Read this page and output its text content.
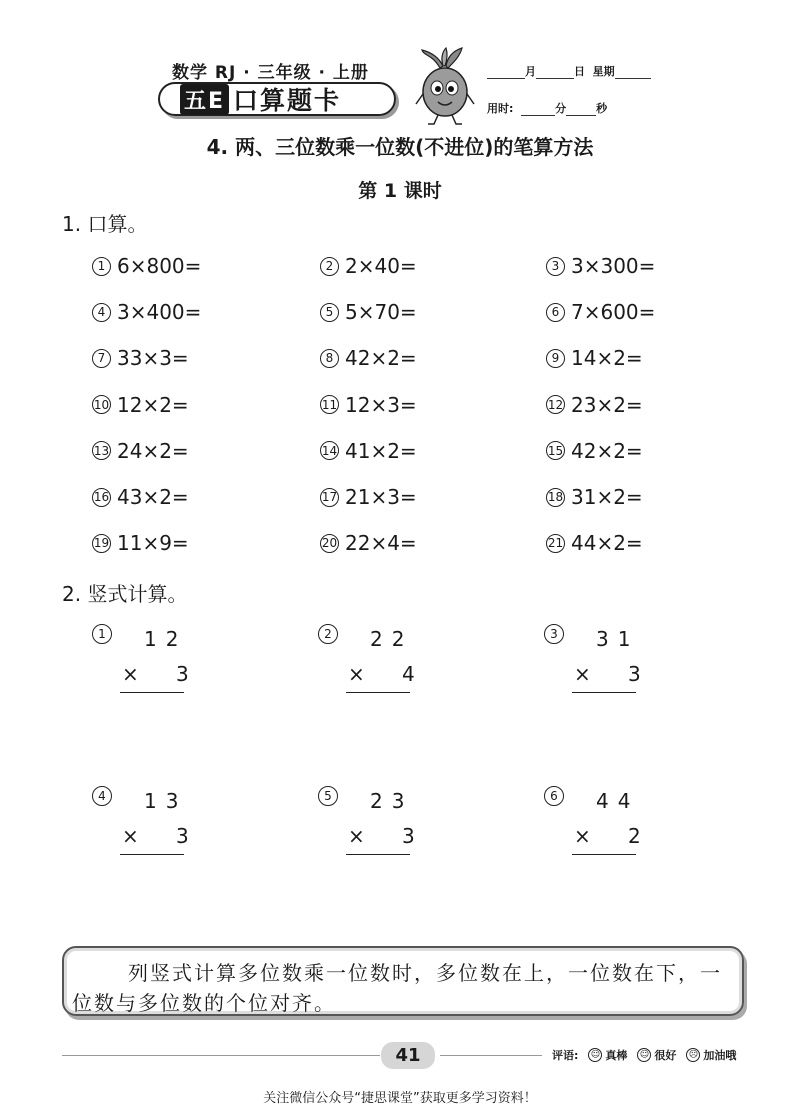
数学 RJ · 三年级 · 上册
五E 口算题卡
月	日 星期
用时:	分	秒
4. 两、三位数乘一位数(不进位)的笔算方法
第 1 课时
1. 口算。
1 6×800=	2 2×40=	3 3×300=
4 3×400=	5 5×70=	6 7×600=
7 33×3=	8 42×2=	9 14×2=
10 12×2=	11 12×3=	12 23×2=
13 24×2=	14 41×2=	15 42×2=
16 43×2=	17 21×3=	18 31×2=
19 11×9=	20 22×4=	21 44×2=
2. 竖式计算。
1	12
× 3
2	22
× 4
3	31
× 3
4	13
× 3
5	23
× 3
6	44
× 2
列竖式计算多位数乘一位数时，多位数在上，一位数在下，一位数与多位数的个位对齐。
41	评语: ☺ 真棒 ☺ 很好 ☹ 加油哦
关注微信公众号“捷思课堂”获取更多学习资料！
